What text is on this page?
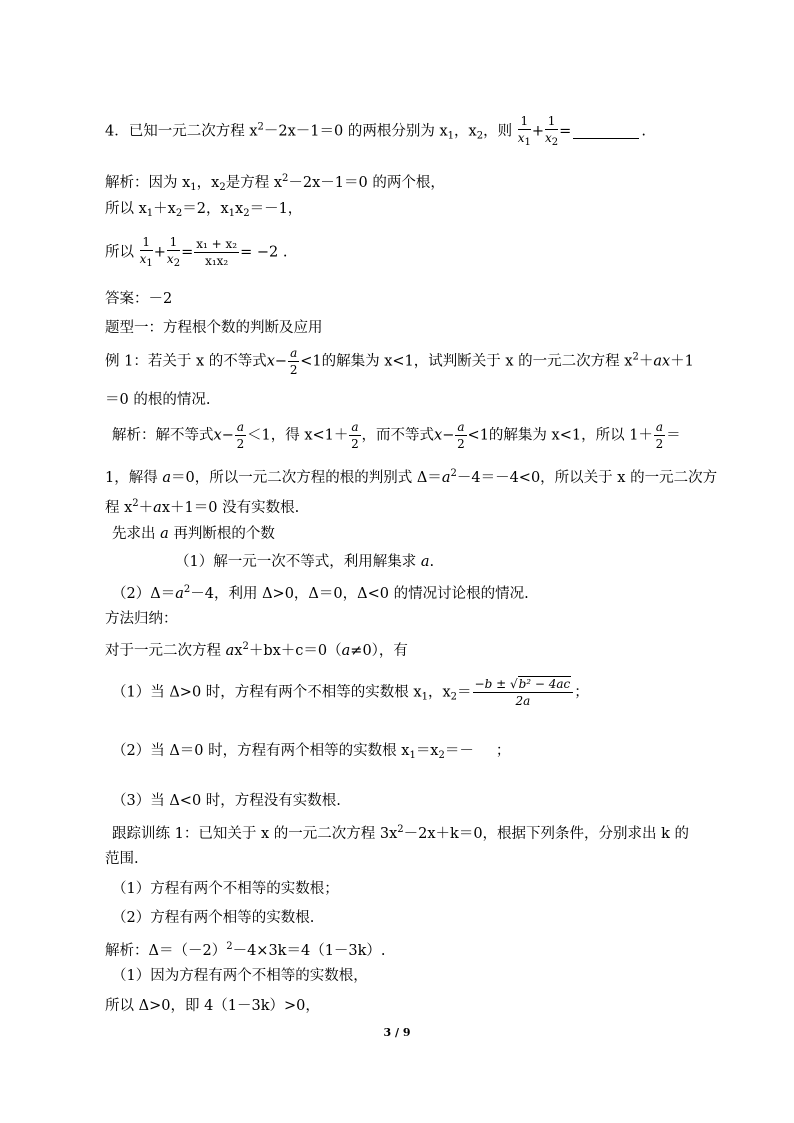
4．已知一元二次方程 $x^2-2x-1=0$ 的两根分别为 $x_1$，$x_2$，则 $\frac{1}{x_1} + \frac{1}{x_2}$ =	.
解析：因为 $x_1$，$x_2$是方程 $x^2-2x-1=0$ 的两个根，
所以 $x_1+x_2=2$，$x_1x_2=-1$，
所以 $\frac{1}{x_1} + \frac{1}{x_2} = \frac{\text{x₁ + x₂}}{\text{x₁x₂}} = -2$ .
答案：－2
题型一：方程根个数的判断及应用
例 1：若关于 x 的不等式$x- \frac{a}{2} <1$的解集为 x<1，试判断关于 x 的一元二次方程 $x^2+ax+1$
＝0 的根的情况.
解析：解不等式$x- \frac{a}{2} <1$，得 $x<1+ \frac{a}{2}$ ，而不等式$x- \frac{a}{2} <1$的解集为 x<1，所以 $1+ \frac{a}{2}$ ＝
1，解得 a＝0，所以一元二次方程的根的判别式 $\Delta=a^2-4=-4<0$，所以关于 x 的一元二次方
程 $x^2+ax+1=0$ 没有实数根.
先求出 a 再判断根的个数
（1）解一元一次不等式，利用解集求 a.
$(2)\Delta=a^2-4$，利用 Δ>0，Δ＝0，Δ<0 的情况讨论根的情况.
方法归纳：
对于一元二次方程 $ax^2+bx+c=0(a\ne 0)$，有
（1）当 Δ>0 时，方程有两个不相等的实数根 $x_1$，$x_2= \frac{\text{−b ± √b² − 4ac}}{2a}$ ；
（2）当 Δ＝0 时，方程有两个相等的实数根 $x_1=x_2=-$ ；
（3）当 Δ<0 时，方程没有实数根.
跟踪训练 1：已知关于 x 的一元二次方程 $3x^2-2x+k=0$，根据下列条件，分别求出 k 的
范围.
（1）方程有两个不相等的实数根；
（2）方程有两个相等的实数根.
解析：$\Delta=(-2)^2-4\times 3k=4(1-3k)$.
（1）因为方程有两个不相等的实数根，
所以 Δ>0，即 4（1－3k）>0，
3 / 9
